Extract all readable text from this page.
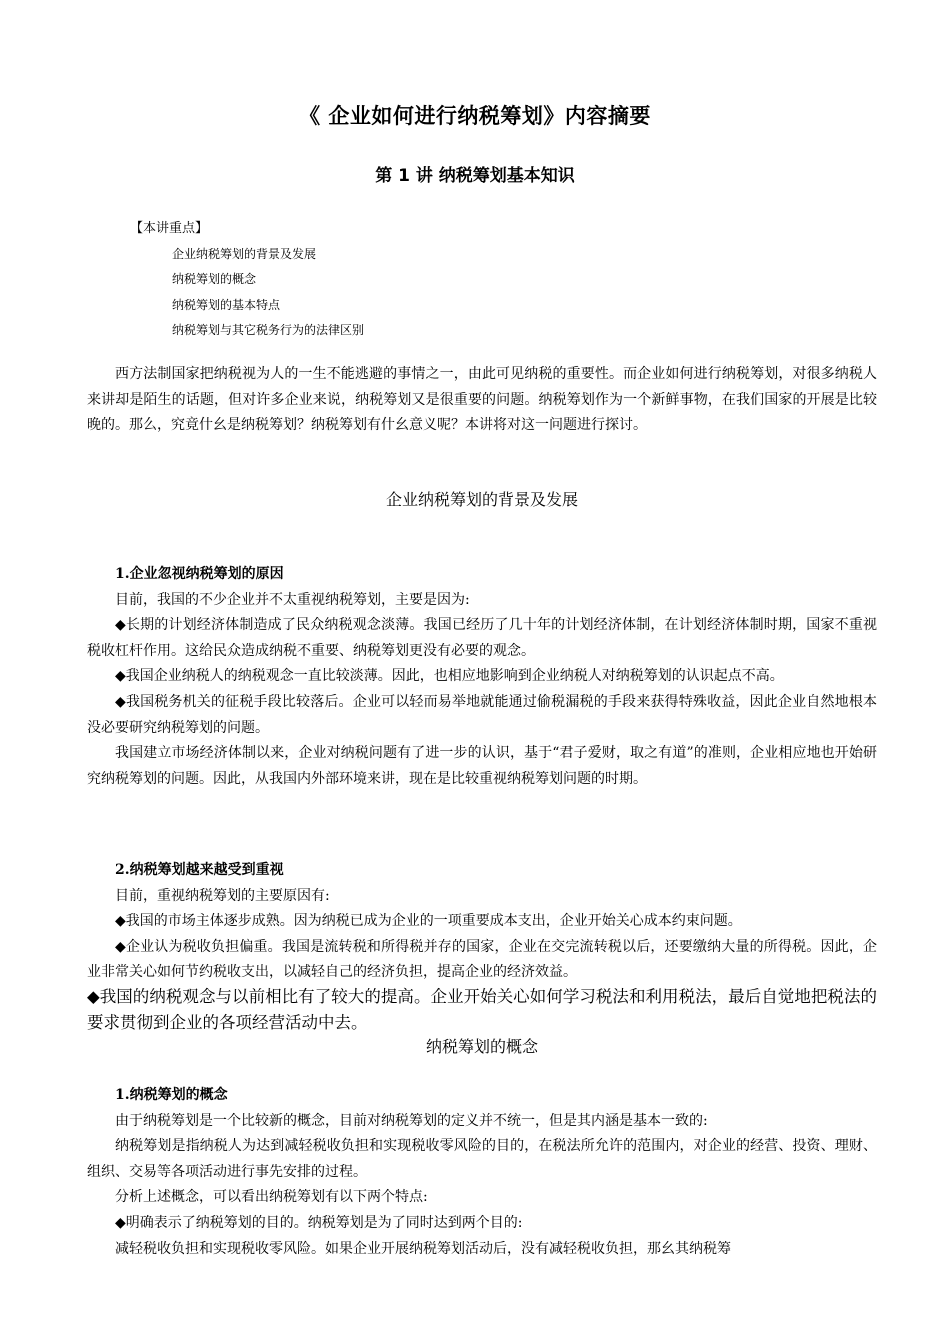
《 企业如何进行纳税筹划》内容摘要
第 1 讲 纳税筹划基本知识
【本讲重点】
企业纳税筹划的背景及发展
纳税筹划的概念
纳税筹划的基本特点
纳税筹划与其它税务行为的法律区别

西方法制国家把纳税视为人的一生不能逃避的事情之一，由此可见纳税的重要性。而企业如何进行纳税筹划，对很多纳税人来讲却是陌生的话题，但对许多企业来说，纳税筹划又是很重要的问题。纳税筹划作为一个新鲜事物，在我们国家的开展是比较晚的。那么，究竟什幺是纳税筹划？纳税筹划有什幺意义呢？本讲将对这一问题进行探讨。

企业纳税筹划的背景及发展

1.企业忽视纳税筹划的原因

目前，我国的不少企业并不太重视纳税筹划，主要是因为:

◆长期的计划经济体制造成了民众纳税观念淡薄。我国已经历了几十年的计划经济体制，在计划经济体制时期，国家不重视税收杠杆作用。这给民众造成纳税不重要、纳税筹划更没有必要的观念。

◆我国企业纳税人的纳税观念一直比较淡薄。因此，也相应地影响到企业纳税人对纳税筹划的认识起点不高。

◆我国税务机关的征税手段比较落后。企业可以轻而易举地就能通过偷税漏税的手段来获得特殊收益，因此企业自然地根本没必要研究纳税筹划的问题。

我国建立市场经济体制以来，企业对纳税问题有了进一步的认识，基于“君子爱财，取之有道”的准则，企业相应地也开始研究纳税筹划的问题。因此，从我国内外部环境来讲，现在是比较重视纳税筹划问题的时期。

2.纳税筹划越来越受到重视

目前，重视纳税筹划的主要原因有:

◆我国的市场主体逐步成熟。因为纳税已成为企业的一项重要成本支出，企业开始关心成本约束问题。

◆企业认为税收负担偏重。我国是流转税和所得税并存的国家，企业在交完流转税以后，还要缴纳大量的所得税。因此，企业非常关心如何节约税收支出，以减轻自己的经济负担，提高企业的经济效益。

◆我国的纳税观念与以前相比有了较大的提高。企业开始关心如何学习税法和利用税法，最后自觉地把税法的要求贯彻到企业的各项经营活动中去。

纳税筹划的概念

1.纳税筹划的概念

由于纳税筹划是一个比较新的概念，目前对纳税筹划的定义并不统一，但是其内涵是基本一致的:

纳税筹划是指纳税人为达到减轻税收负担和实现税收零风险的目的，在税法所允许的范围内，对企业的经营、投资、理财、组织、交易等各项活动进行事先安排的过程。

分析上述概念，可以看出纳税筹划有以下两个特点:

◆明确表示了纳税筹划的目的。纳税筹划是为了同时达到两个目的:

减轻税收负担和实现税收零风险。如果企业开展纳税筹划活动后，没有减轻税收负担，那幺其纳税筹
